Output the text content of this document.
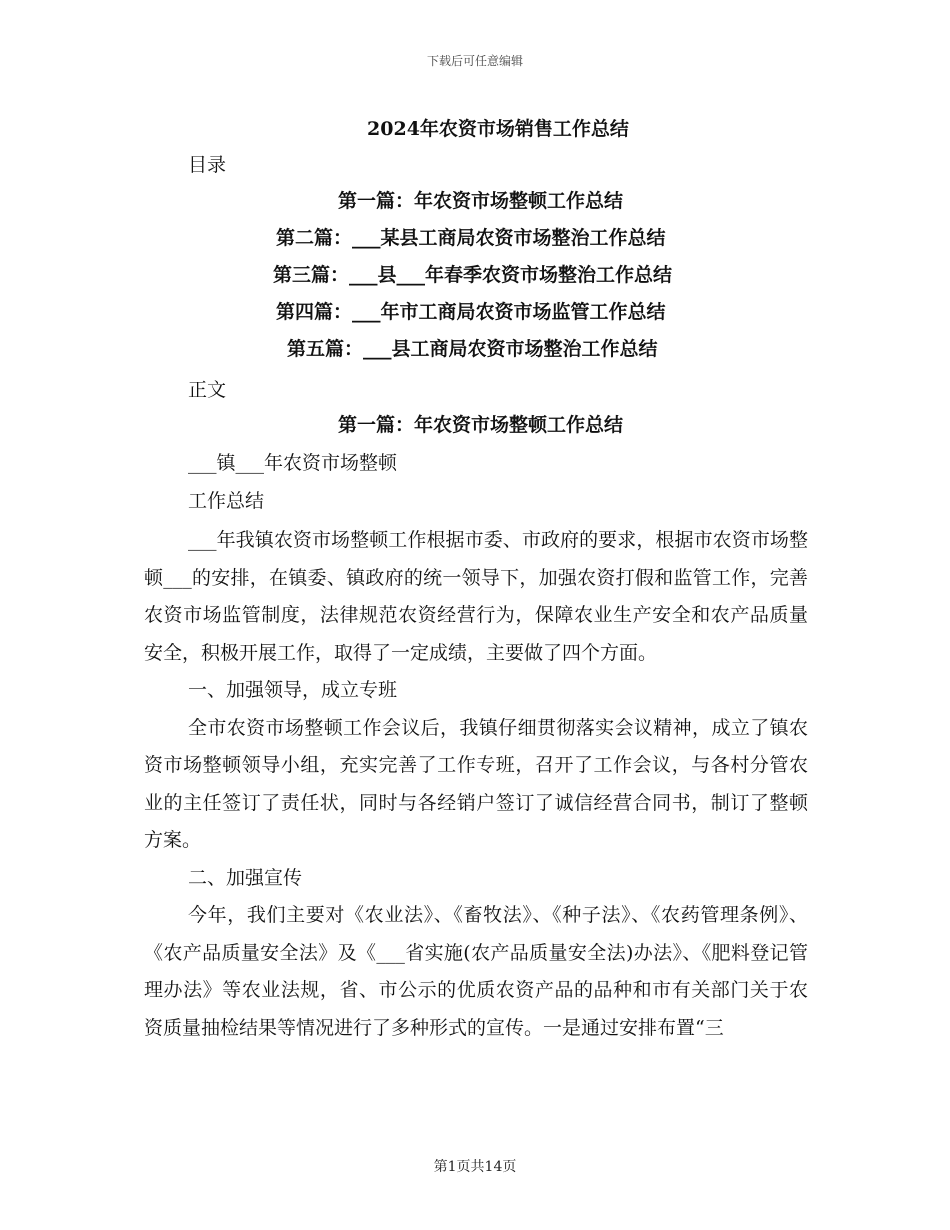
下载后可任意编辑
2024年农资市场销售工作总结
目录
第一篇：年农资市场整顿工作总结
第二篇：___某县工商局农资市场整治工作总结
第三篇：___县___年春季农资市场整治工作总结
第四篇：___年市工商局农资市场监管工作总结
第五篇：___县工商局农资市场整治工作总结
正文
第一篇：年农资市场整顿工作总结
___镇___年农资市场整顿
工作总结

___年我镇农资市场整顿工作根据市委、市政府的要求，根据市农资市场整顿___的安排，在镇委、镇政府的统一领导下，加强农资打假和监管工作，完善农资市场监管制度，法律规范农资经营行为，保障农业生产安全和农产品质量安全，积极开展工作，取得了一定成绩，主要做了四个方面。

一、加强领导，成立专班

全市农资市场整顿工作会议后，我镇仔细贯彻落实会议精神，成立了镇农资市场整顿领导小组，充实完善了工作专班，召开了工作会议，与各村分管农业的主任签订了责任状，同时与各经销户签订了诚信经营合同书，制订了整顿方案。

二、加强宣传

今年，我们主要对《农业法》、《畜牧法》、《种子法》、《农药管理条例》、《农产品质量安全法》及《___省实施(农产品质量安全法)办法》、《肥料登记管理办法》等农业法规，省、市公示的优质农资产品的品种和市有关部门关于农资质量抽检结果等情况进行了多种形式的宣传。一是通过安排布置“三

第1页共14页
